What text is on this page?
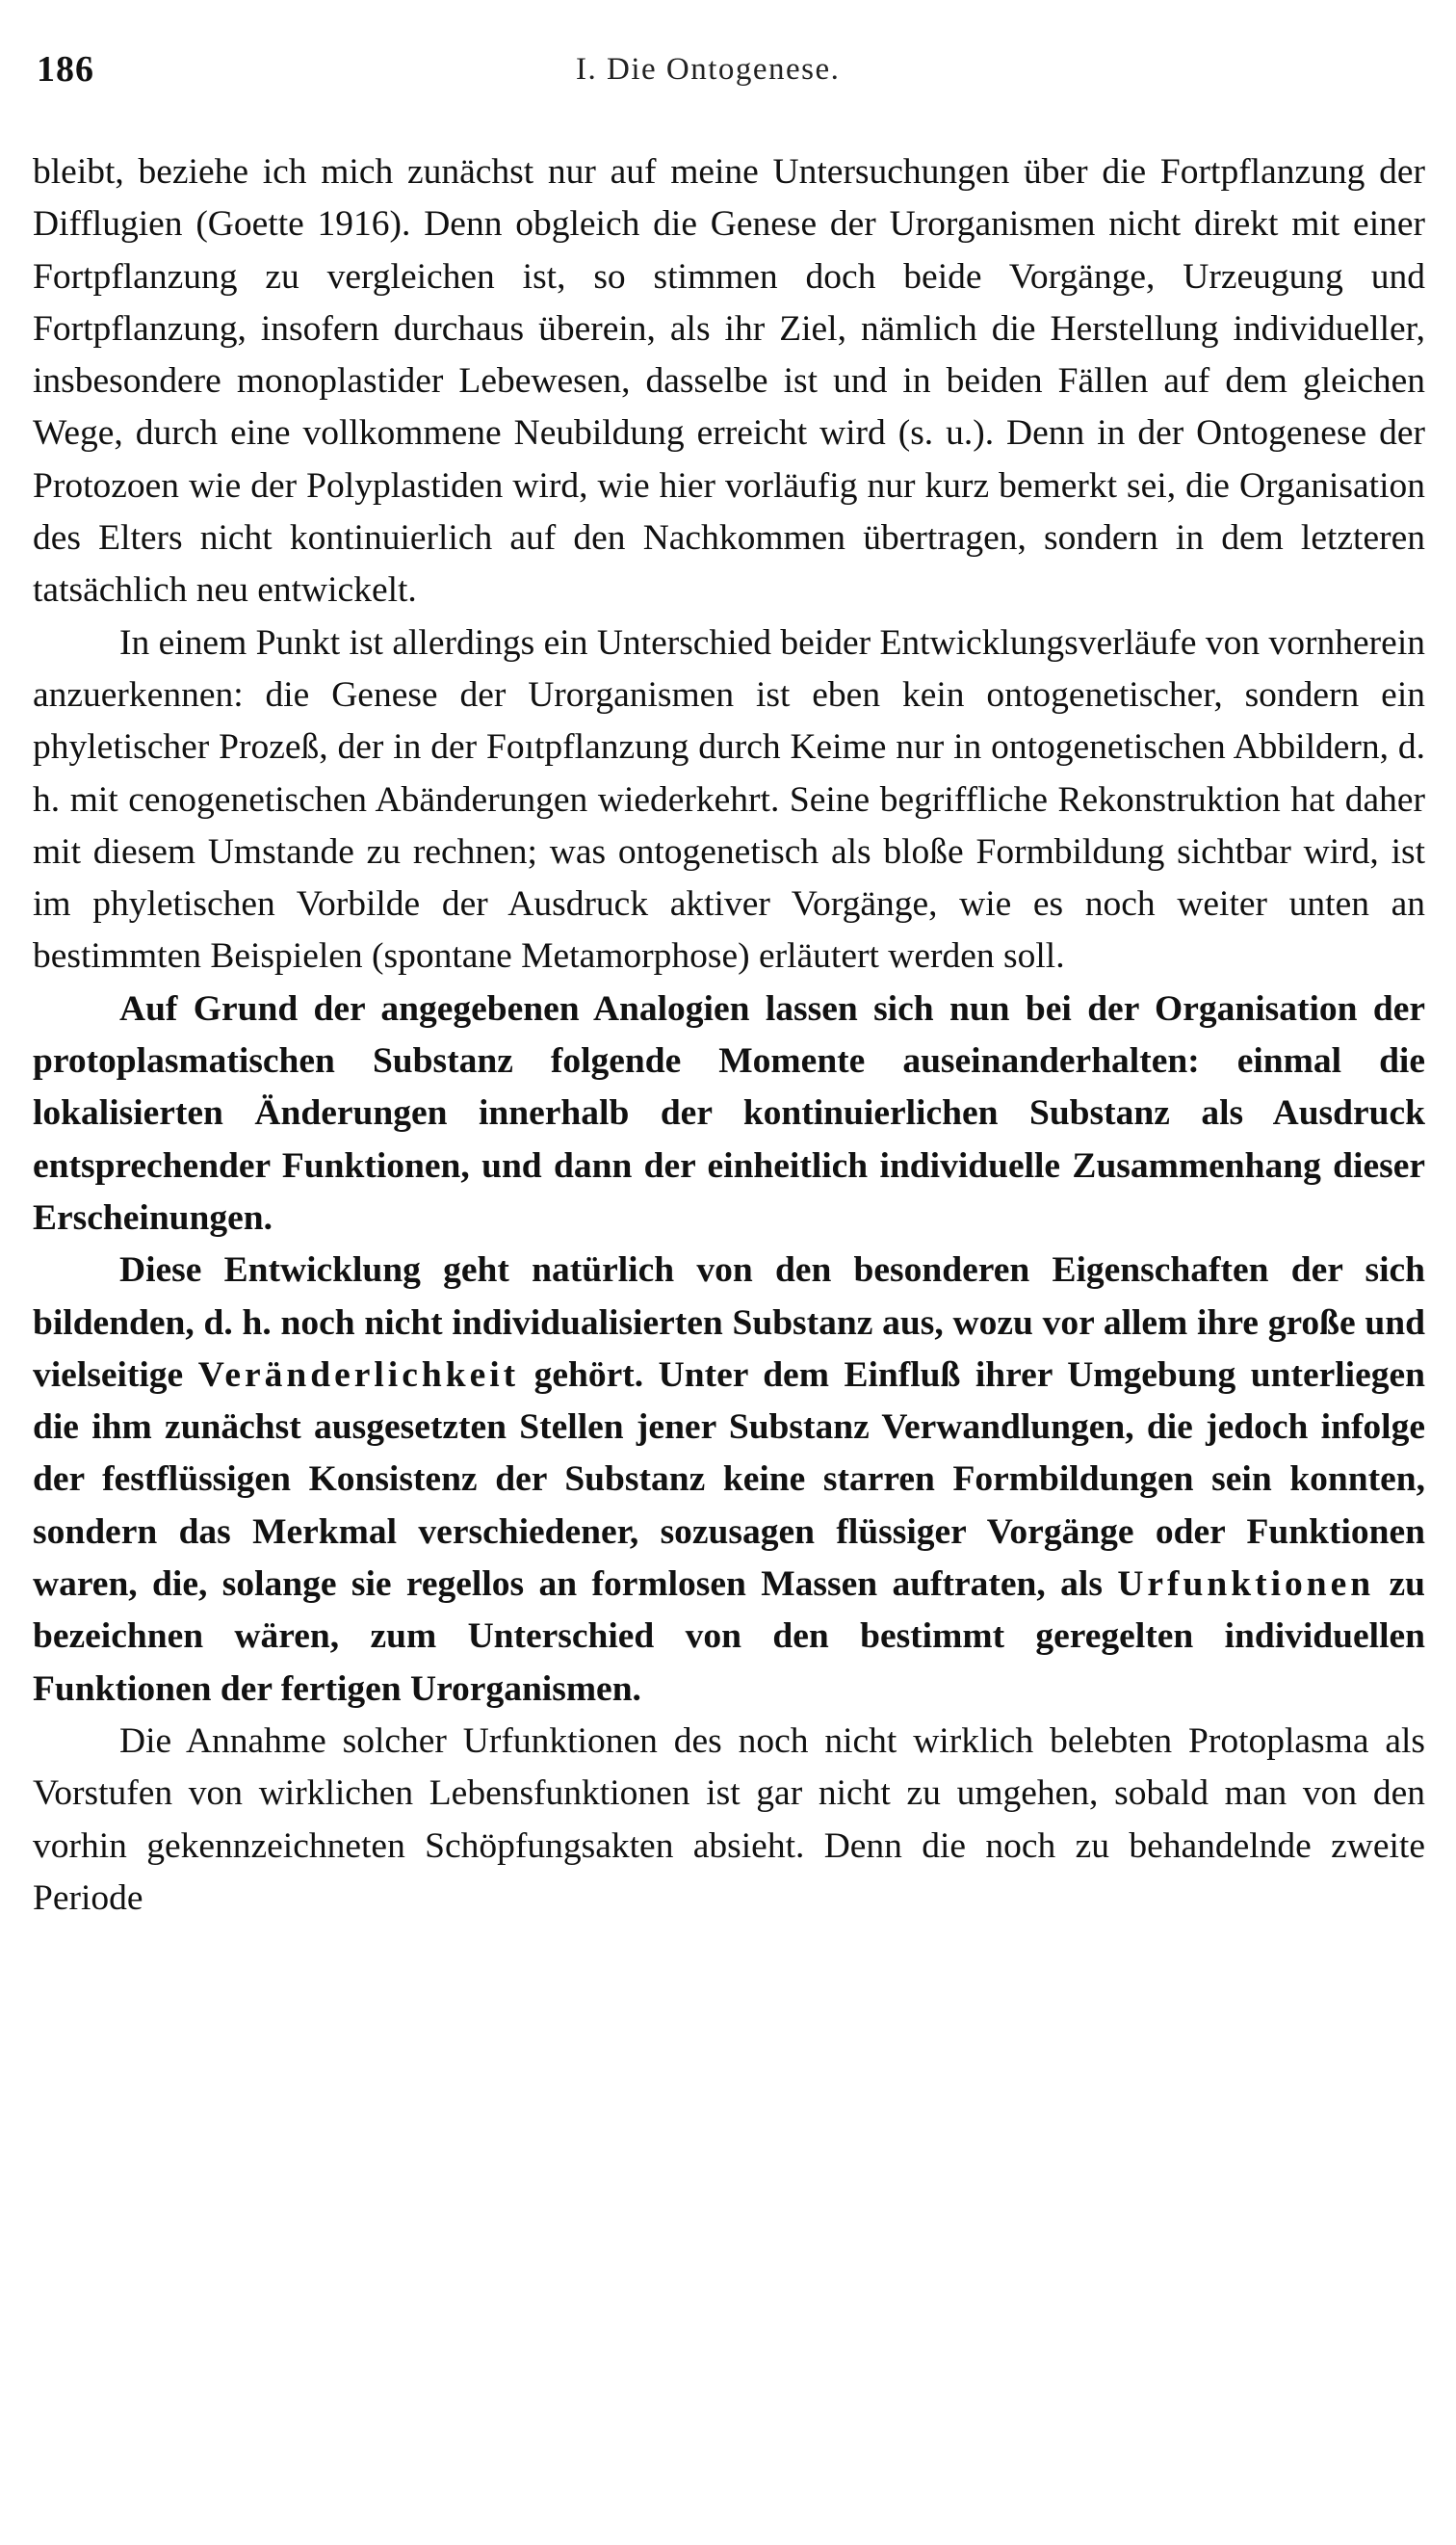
186	I. Die Ontogenese.

bleibt, beziehe ich mich zunächst nur auf meine Untersuchungen über die Fortpflanzung der Difflugien (Goette 1916). Denn obgleich die Genese der Urorganismen nicht direkt mit einer Fortpflanzung zu vergleichen ist, so stimmen doch beide Vorgänge, Urzeugung und Fortpflanzung, insofern durchaus überein, als ihr Ziel, nämlich die Herstellung individueller, insbesondere monoplastider Lebewesen, dasselbe ist und in beiden Fällen auf dem gleichen Wege, durch eine vollkommene Neubildung erreicht wird (s. u.). Denn in der Ontogenese der Protozoen wie der Polyplastiden wird, wie hier vorläufig nur kurz bemerkt sei, die Organisation des Elters nicht kontinuierlich auf den Nachkommen übertragen, sondern in dem letzteren tatsächlich neu entwickelt.

In einem Punkt ist allerdings ein Unterschied beider Entwicklungsverläufe von vornherein anzuerkennen: die Genese der Urorganismen ist eben kein ontogenetischer, sondern ein phyletischer Prozeß, der in der Foıtpflanzung durch Keime nur in ontogenetischen Abbildern, d. h. mit cenogenetischen Abänderungen wiederkehrt. Seine begriffliche Rekonstruktion hat daher mit diesem Umstande zu rechnen; was ontogenetisch als bloße Formbildung sichtbar wird, ist im phyletischen Vorbilde der Ausdruck aktiver Vorgänge, wie es noch weiter unten an bestimmten Beispielen (spontane Metamorphose) erläutert werden soll.

Auf Grund der angegebenen Analogien lassen sich nun bei der Organisation der protoplasmatischen Substanz folgende Momente auseinanderhalten: einmal die lokalisierten Änderungen innerhalb der kontinuierlichen Substanz als Ausdruck entsprechender Funktionen, und dann der einheitlich individuelle Zusammenhang dieser Erscheinungen.

Diese Entwicklung geht natürlich von den besonderen Eigenschaften der sich bildenden, d. h. noch nicht individualisierten Substanz aus, wozu vor allem ihre große und vielseitige Veränderlichkeit gehört. Unter dem Einfluß ihrer Umgebung unterliegen die ihm zunächst ausgesetzten Stellen jener Substanz Verwandlungen, die jedoch infolge der festflüssigen Konsistenz der Substanz keine starren Formbildungen sein konnten, sondern das Merkmal verschiedener, sozusagen flüssiger Vorgänge oder Funktionen waren, die, solange sie regellos an formlosen Massen auftraten, als Urfunktionen zu bezeichnen wären, zum Unterschied von den bestimmt geregelten individuellen Funktionen der fertigen Urorganismen.

Die Annahme solcher Urfunktionen des noch nicht wirklich belebten Protoplasma als Vorstufen von wirklichen Lebensfunktionen ist gar nicht zu umgehen, sobald man von den vorhin gekennzeichneten Schöpfungsakten absieht. Denn die noch zu behandelnde zweite Periode
